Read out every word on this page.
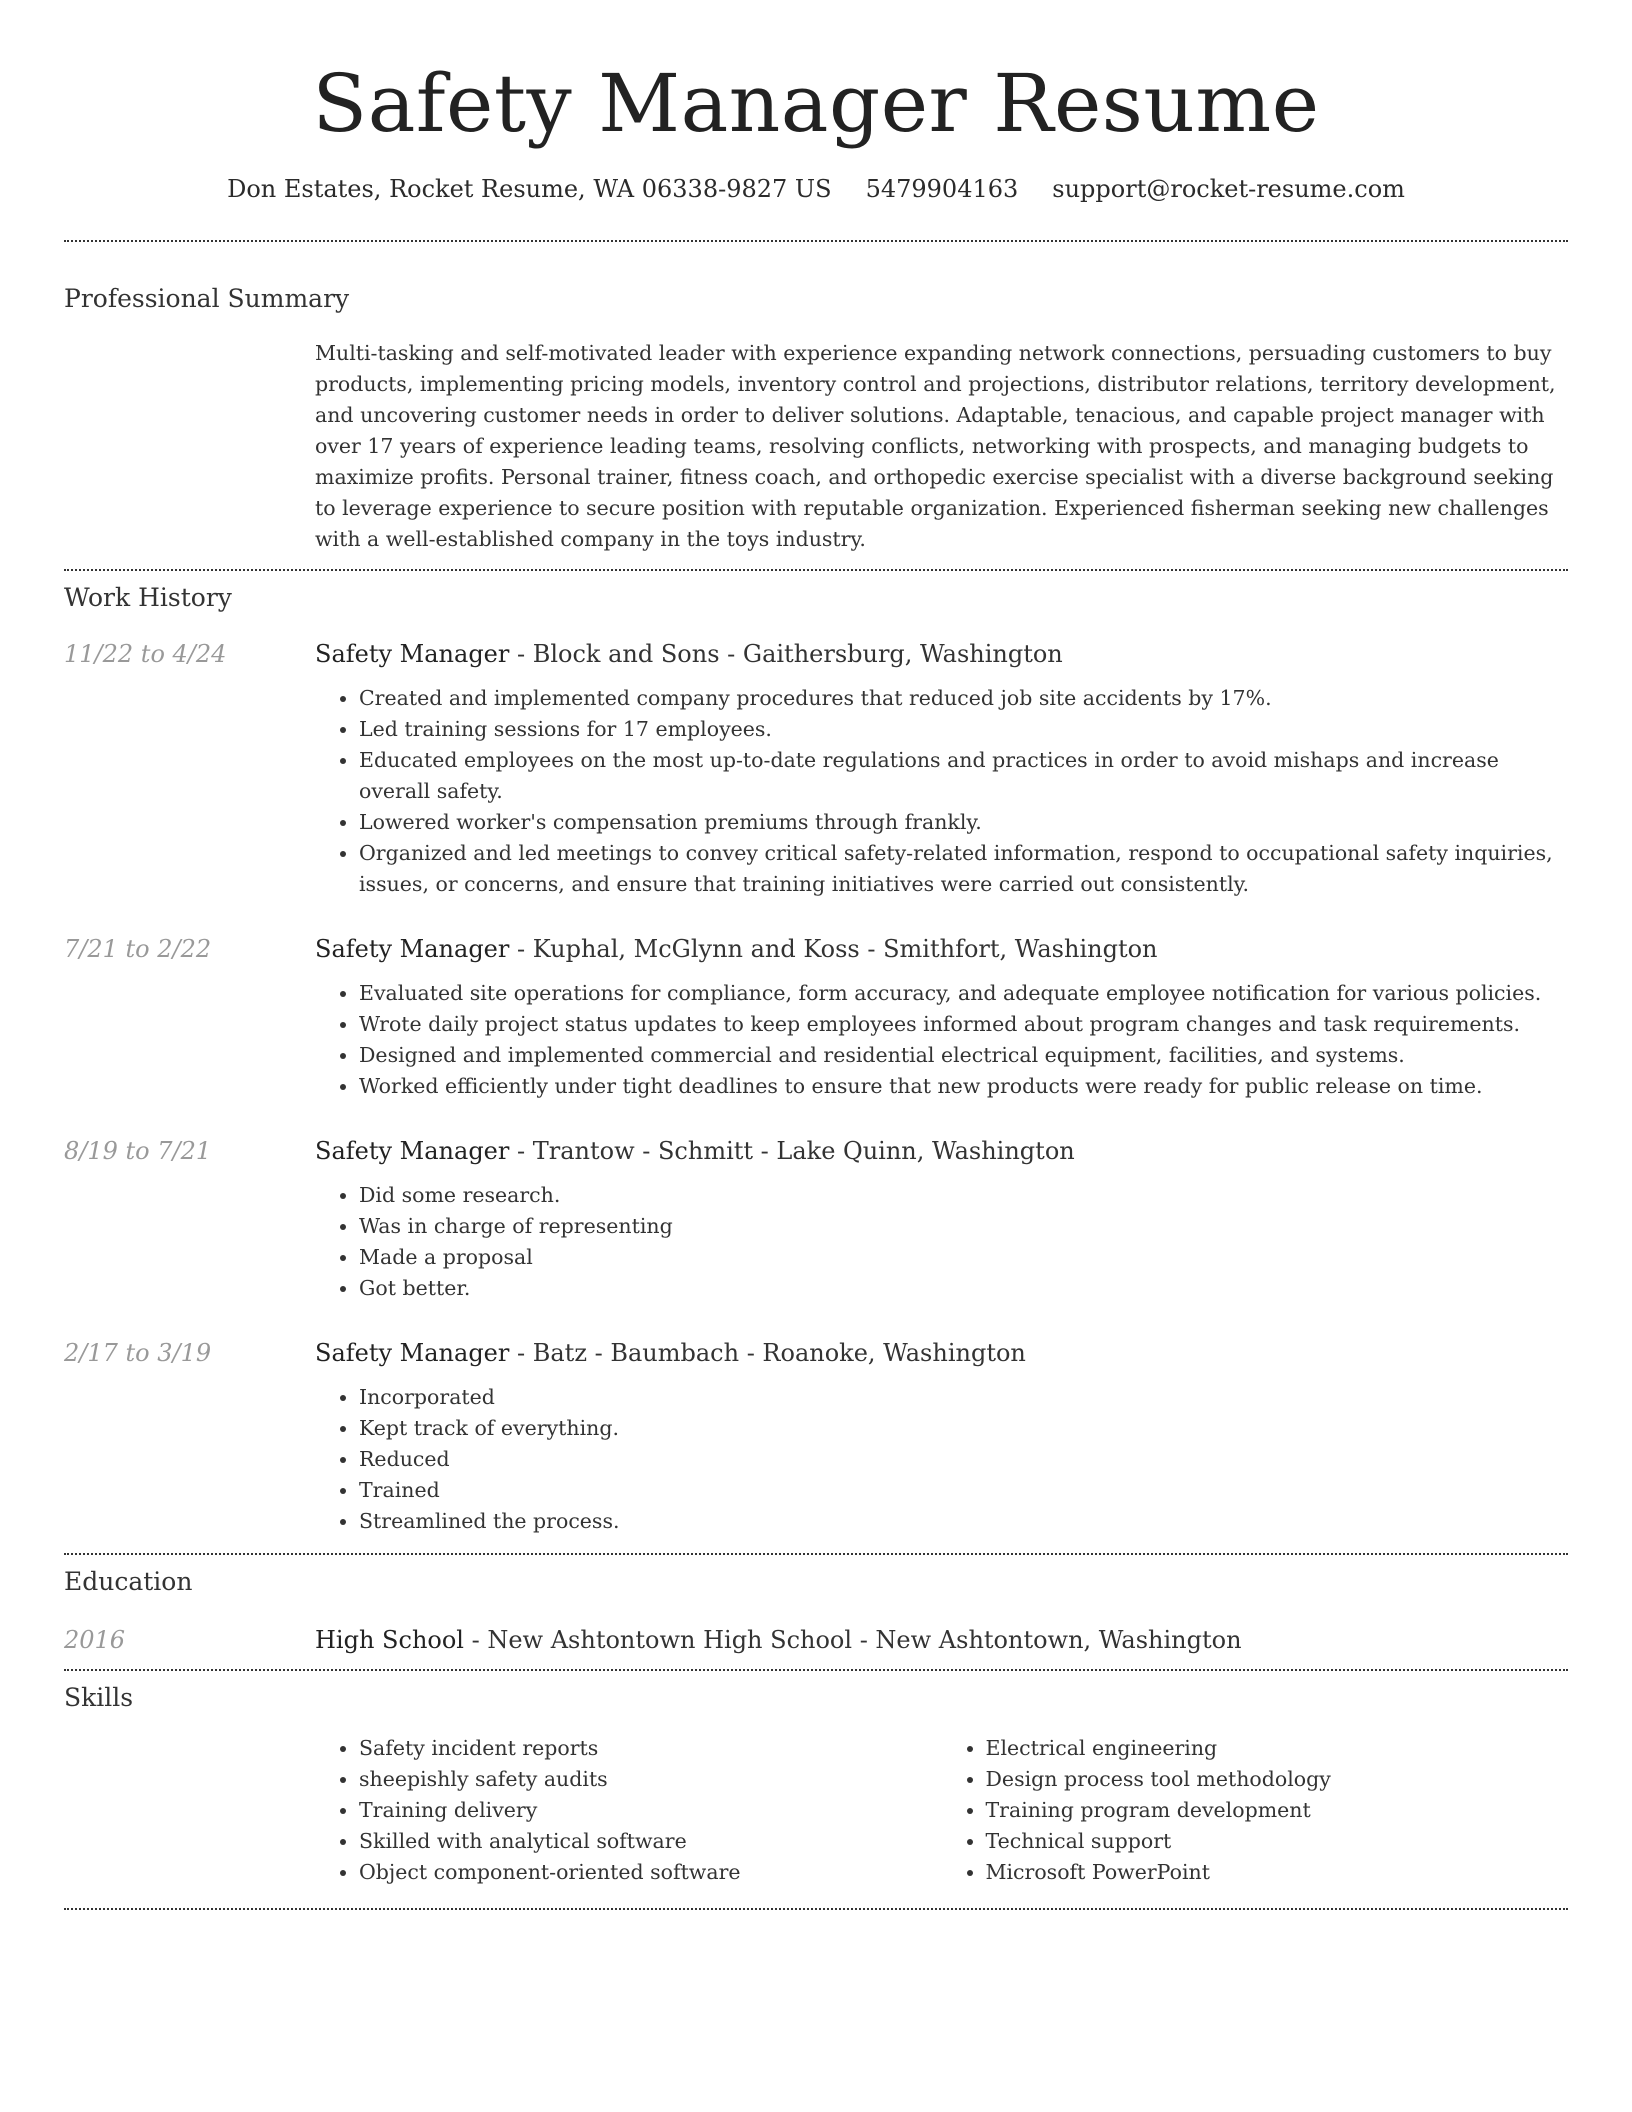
Safety Manager Resume
Don Estates, Rocket Resume, WA 06338-9827 US 5479904163 support@rocket-resume.com
Professional Summary

Multi-tasking and self-motivated leader with experience expanding network connections, persuading customers to buy products, implementing pricing models, inventory control and projections, distributor relations, territory development, and uncovering customer needs in order to deliver solutions. Adaptable, tenacious, and capable project manager with over 17 years of experience leading teams, resolving conflicts, networking with prospects, and managing budgets to maximize profits. Personal trainer, fitness coach, and orthopedic exercise specialist with a diverse background seeking to leverage experience to secure position with reputable organization. Experienced fisherman seeking new challenges with a well-established company in the toys industry.

Work History
11/22 to 4/24	Safety Manager - Block and Sons - Gaithersburg, Washington
• Created and implemented company procedures that reduced job site accidents by 17%.
• Led training sessions for 17 employees.
• Educated employees on the most up-to-date regulations and practices in order to avoid mishaps and increase overall safety.
• Lowered worker's compensation premiums through frankly.
• Organized and led meetings to convey critical safety-related information, respond to occupational safety inquiries, issues, or concerns, and ensure that training initiatives were carried out consistently.
7/21 to 2/22	Safety Manager - Kuphal, McGlynn and Koss - Smithfort, Washington
• Evaluated site operations for compliance, form accuracy, and adequate employee notification for various policies.
• Wrote daily project status updates to keep employees informed about program changes and task requirements.
• Designed and implemented commercial and residential electrical equipment, facilities, and systems.
• Worked efficiently under tight deadlines to ensure that new products were ready for public release on time.
8/19 to 7/21	Safety Manager - Trantow - Schmitt - Lake Quinn, Washington
• Did some research.
• Was in charge of representing
• Made a proposal
• Got better.
2/17 to 3/19	Safety Manager - Batz - Baumbach - Roanoke, Washington
• Incorporated
• Kept track of everything.
• Reduced
• Trained
• Streamlined the process.
Education
2016	High School - New Ashtontown High School - New Ashtontown, Washington
Skills
• Safety incident reports
• sheepishly safety audits
• Training delivery
• Skilled with analytical software
• Object component-oriented software
• Electrical engineering
• Design process tool methodology
• Training program development
• Technical support
• Microsoft PowerPoint
